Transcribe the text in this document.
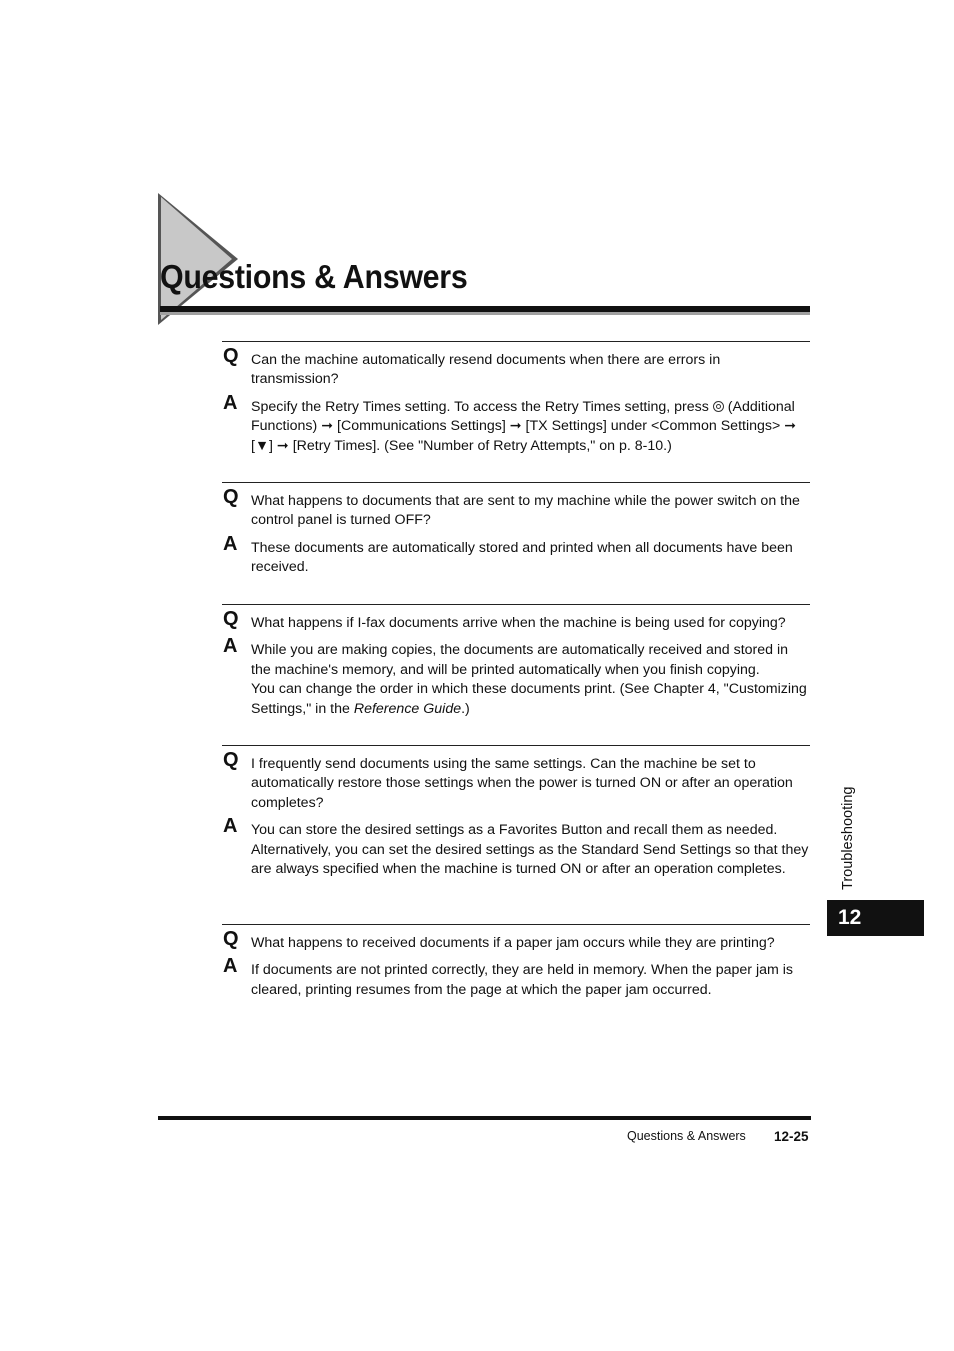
Questions & Answers
Q Can the machine automatically resend documents when there are errors in transmission?
A Specify the Retry Times setting. To access the Retry Times setting, press  (Additional Functions) ➞ [Communications Settings] ➞ [TX Settings] under <Common Settings> ➞
[▼] ➞ [Retry Times]. (See "Number of Retry Attempts," on p. 8-10.)
Q What happens to documents that are sent to my machine while the power switch on the control panel is turned OFF?
A These documents are automatically stored and printed when all documents have been received.
Q What happens if I-fax documents arrive when the machine is being used for copying?
A While you are making copies, the documents are automatically received and stored in the machine's memory, and will be printed automatically when you finish copying.
You can change the order in which these documents print. (See Chapter 4, "Customizing Settings," in the Reference Guide.)
Q I frequently send documents using the same settings. Can the machine be set to automatically restore those settings when the power is turned ON or after an operation completes?
A You can store the desired settings as a Favorites Button and recall them as needed. Alternatively, you can set the desired settings as the Standard Send Settings so that they are always specified when the machine is turned ON or after an operation completes.
Q What happens to received documents if a paper jam occurs while they are printing?
A If documents are not printed correctly, they are held in memory. When the paper jam is cleared, printing resumes from the page at which the paper jam occurred.
Troubleshooting
12
Questions & Answers 12-25
